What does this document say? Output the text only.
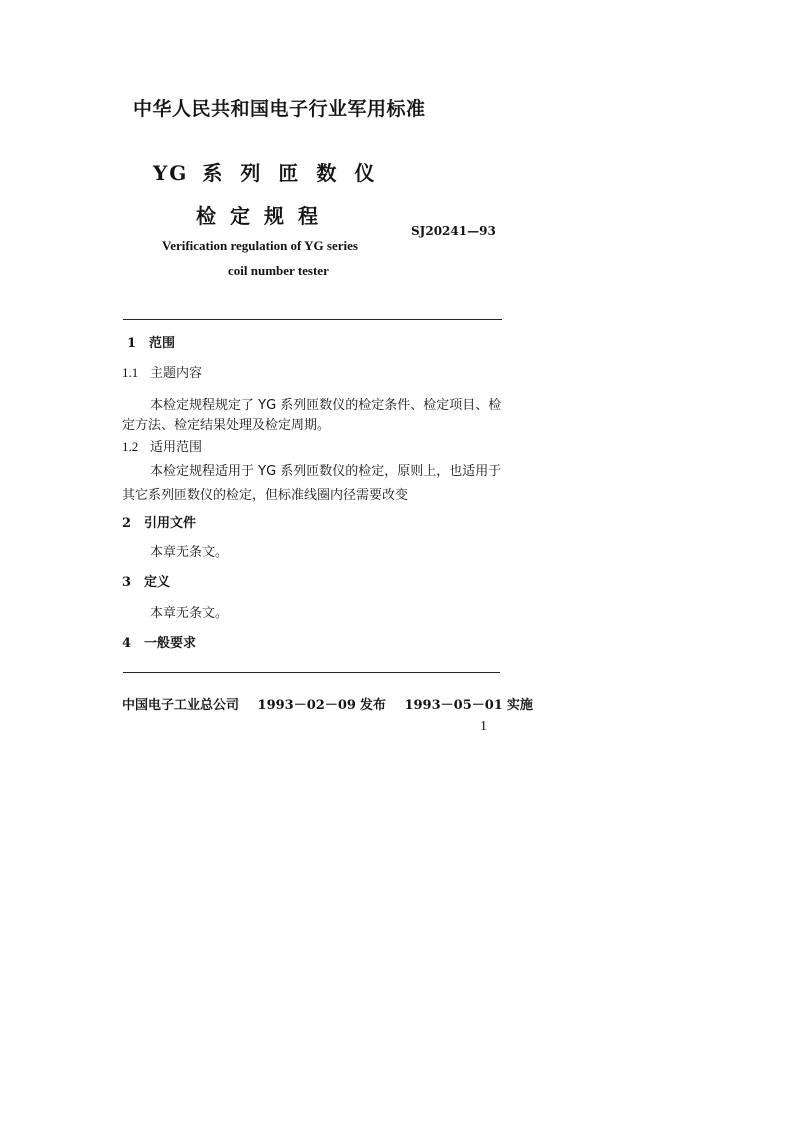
中华人民共和国电子行业军用标准
YG 系列匝数仪
检定规程
SJ20241—93
Verification regulation of YG series
coil number tester
1 范围
1.1 主题内容
本检定规程规定了 YG 系列匝数仪的检定条件、检定项目、检
定方法、检定结果处理及检定周期。
1.2 适用范围
本检定规程适用于 YG 系列匝数仪的检定，原则上，也适用于
其它系列匝数仪的检定，但标准线圈内径需要改变
2 引用文件
本章无条文。
3 定义
本章无条文。
4 一般要求
中国电子工业总公司 1993－02－09 发布 1993－05－01 实施
1
